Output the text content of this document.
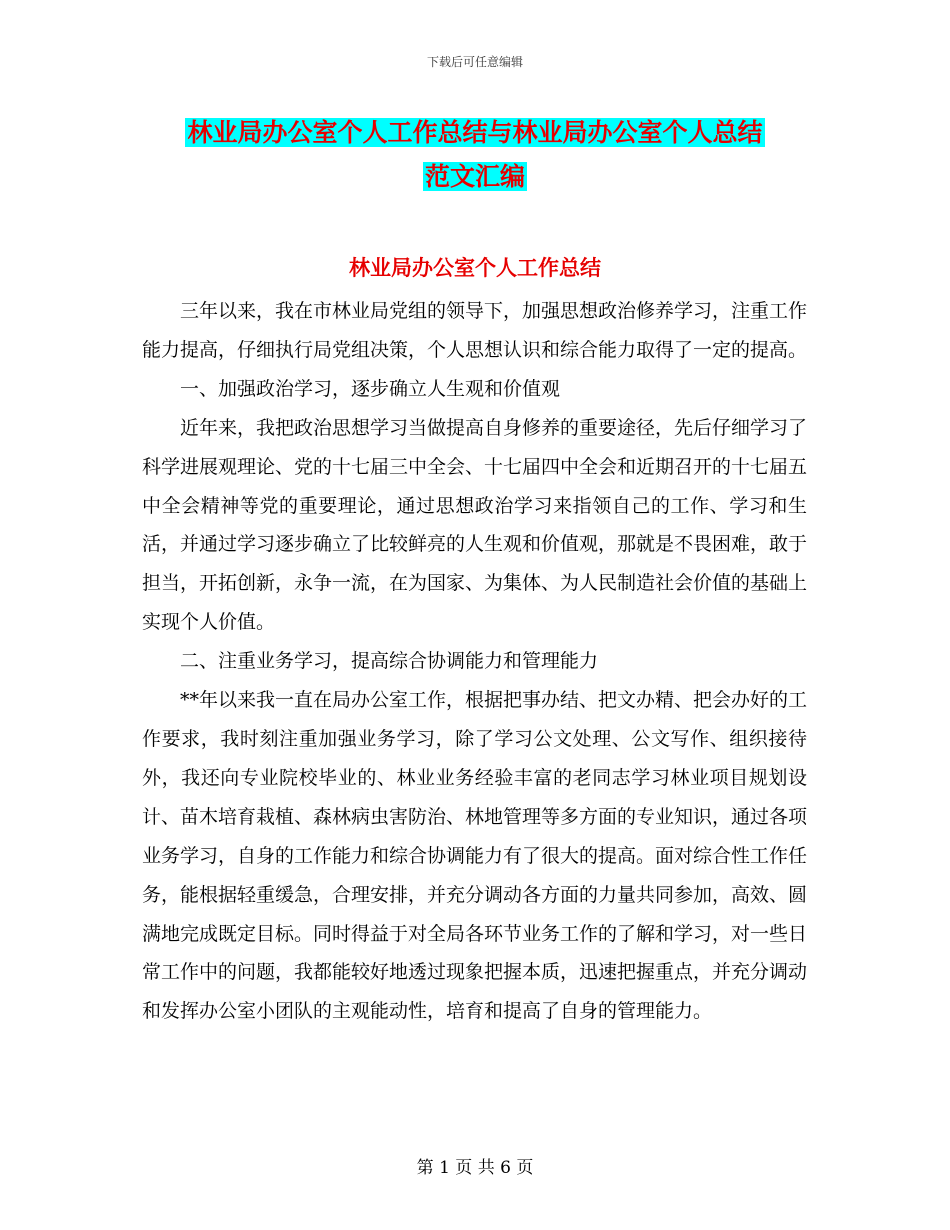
下载后可任意编辑
林业局办公室个人工作总结与林业局办公室个人总结
范文汇编
林业局办公室个人工作总结

三年以来，我在市林业局党组的领导下，加强思想政治修养学习，注重工作能力提高，仔细执行局党组决策，个人思想认识和综合能力取得了一定的提高。

一、加强政治学习，逐步确立人生观和价值观

近年来，我把政治思想学习当做提高自身修养的重要途径，先后仔细学习了科学进展观理论、党的十七届三中全会、十七届四中全会和近期召开的十七届五中全会精神等党的重要理论，通过思想政治学习来指领自己的工作、学习和生活，并通过学习逐步确立了比较鲜亮的人生观和价值观，那就是不畏困难，敢于担当，开拓创新，永争一流，在为国家、为集体、为人民制造社会价值的基础上实现个人价值。

二、注重业务学习，提高综合协调能力和管理能力

**年以来我一直在局办公室工作，根据把事办结、把文办精、把会办好的工作要求，我时刻注重加强业务学习，除了学习公文处理、公文写作、组织接待外，我还向专业院校毕业的、林业业务经验丰富的老同志学习林业项目规划设计、苗木培育栽植、森林病虫害防治、林地管理等多方面的专业知识，通过各项业务学习，自身的工作能力和综合协调能力有了很大的提高。面对综合性工作任务，能根据轻重缓急，合理安排，并充分调动各方面的力量共同参加，高效、圆满地完成既定目标。同时得益于对全局各环节业务工作的了解和学习，对一些日常工作中的问题，我都能较好地透过现象把握本质，迅速把握重点，并充分调动和发挥办公室小团队的主观能动性，培育和提高了自身的管理能力。

第 1 页 共 6 页
